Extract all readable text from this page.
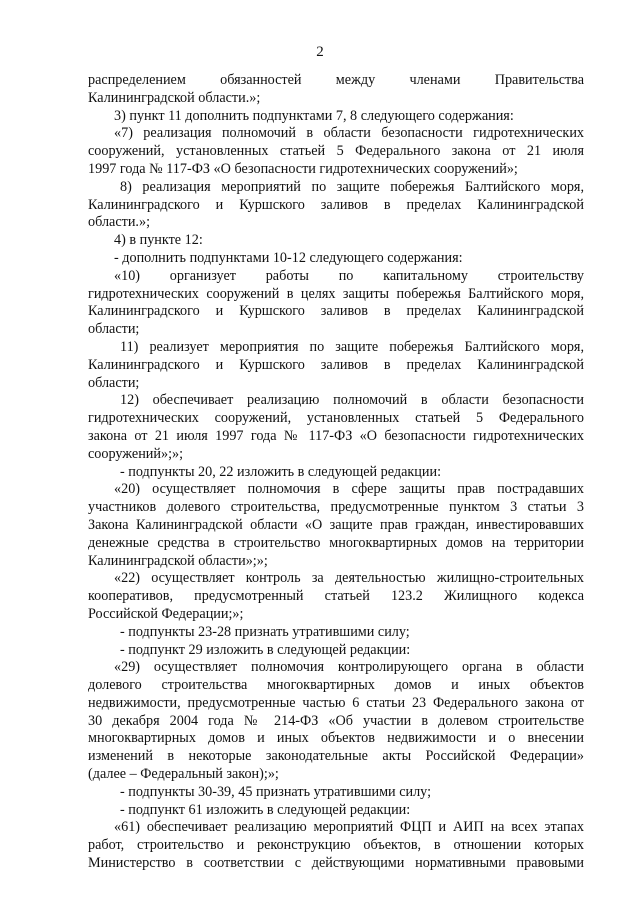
2

распределением обязанностей между членами Правительства

Калининградской области.»;

3) пункт 11 дополнить подпунктами 7, 8 следующего содержания:

«7) реализация полномочий в области безопасности гидротехнических

сооружений, установленных статьей 5 Федерального закона от 21 июля

1997 года № 117-ФЗ «О безопасности гидротехнических сооружений»;

8) реализация мероприятий по защите побережья Балтийского моря,

Калининградского и Куршского заливов в пределах Калининградской

области.»;

4) в пункте 12:

- дополнить подпунктами 10-12 следующего содержания:

«10) организует работы по капитальному строительству

гидротехнических сооружений в целях защиты побережья Балтийского моря,

Калининградского и Куршского заливов в пределах Калининградской

области;

11) реализует мероприятия по защите побережья Балтийского моря,

Калининградского и Куршского заливов в пределах Калининградской

области;

12) обеспечивает реализацию полномочий в области безопасности

гидротехнических сооружений, установленных статьей 5 Федерального

закона от 21 июля 1997 года № 117-ФЗ «О безопасности гидротехнических

сооружений»;»;

- подпункты 20, 22 изложить в следующей редакции:

«20) осуществляет полномочия в сфере защиты прав пострадавших

участников долевого строительства, предусмотренные пунктом 3 статьи 3

Закона Калининградской области «О защите прав граждан, инвестировавших

денежные средства в строительство многоквартирных домов на территории

Калининградской области»;»;

«22) осуществляет контроль за деятельностью жилищно-строительных

кооперативов, предусмотренный статьей 123.2 Жилищного кодекса

Российской Федерации;»;

- подпункты 23-28 признать утратившими силу;

- подпункт 29 изложить в следующей редакции:

«29) осуществляет полномочия контролирующего органа в области

долевого строительства многоквартирных домов и иных объектов

недвижимости, предусмотренные частью 6 статьи 23 Федерального закона от

30 декабря 2004 года № 214-ФЗ «Об участии в долевом строительстве

многоквартирных домов и иных объектов недвижимости и о внесении

изменений в некоторые законодательные акты Российской Федерации»

(далее – Федеральный закон);»;

- подпункты 30-39, 45 признать утратившими силу;

- подпункт 61 изложить в следующей редакции:

«61) обеспечивает реализацию мероприятий ФЦП и АИП на всех этапах

работ, строительство и реконструкцию объектов, в отношении которых

Министерство в соответствии с действующими нормативными правовыми
